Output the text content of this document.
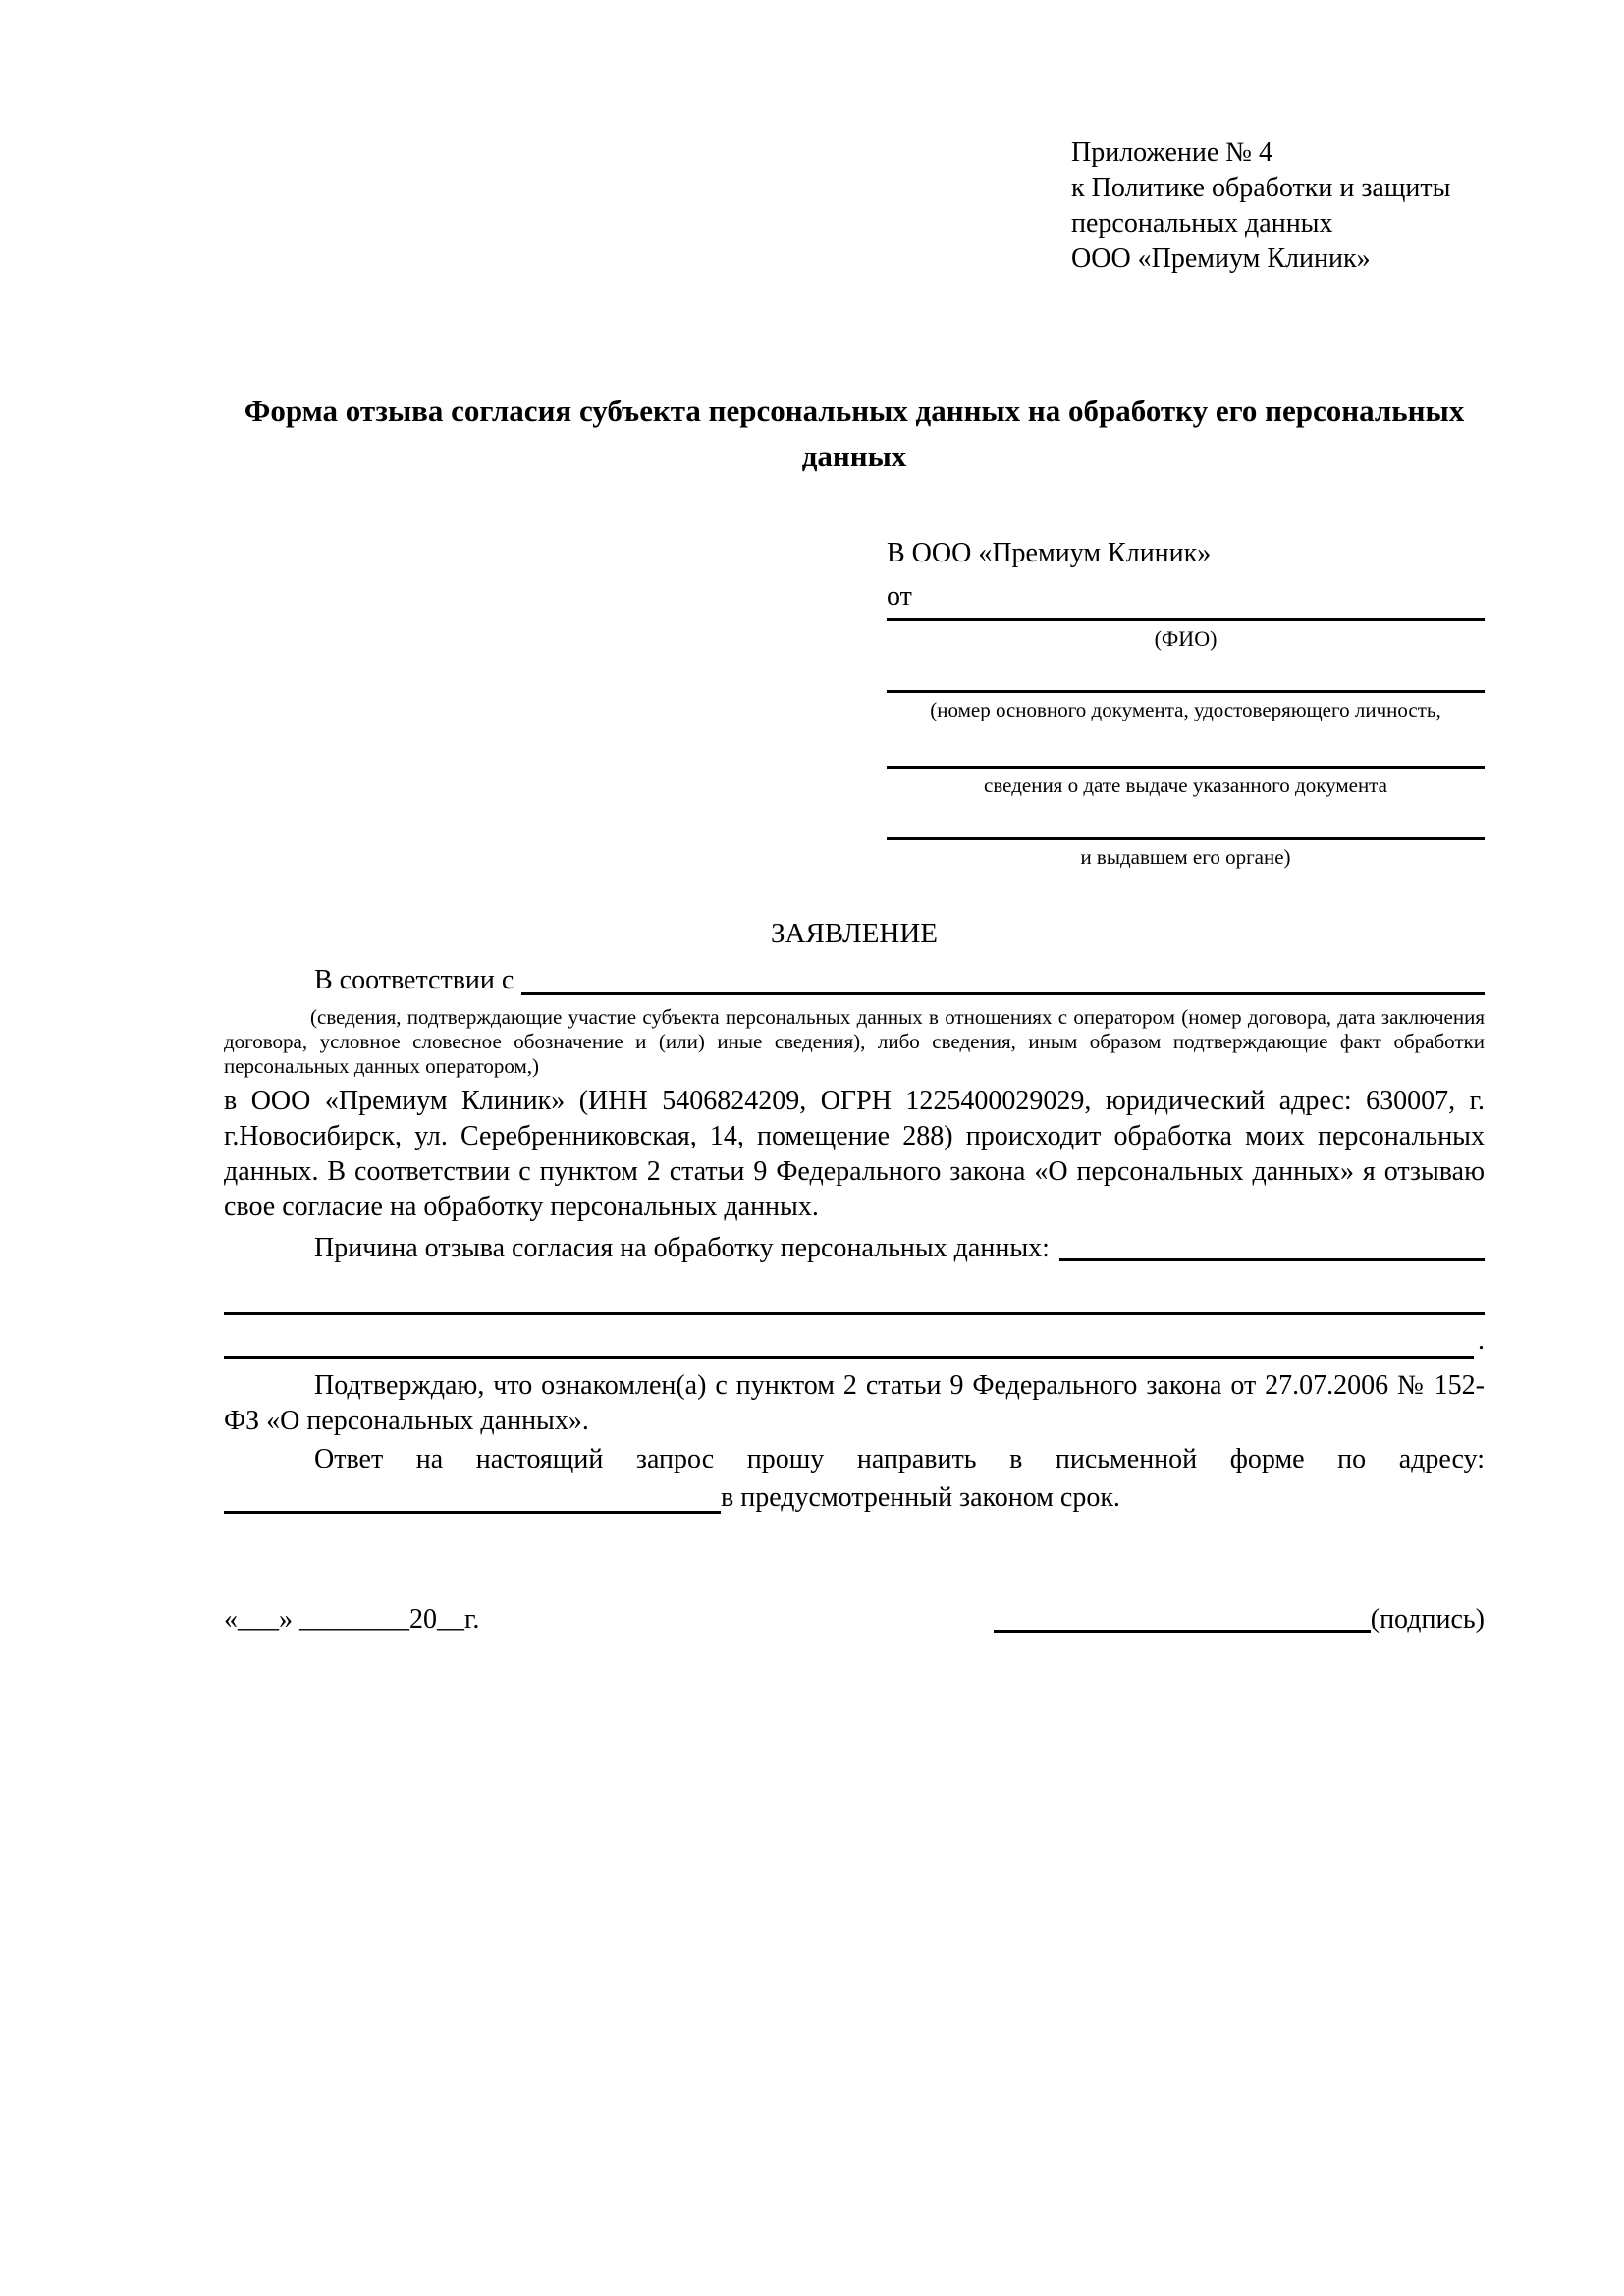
Приложение № 4
к Политике обработки и защиты
персональных данных
ООО «Премиум Клиник»
Форма отзыва согласия субъекта персональных данных на обработку его персональных данных
В ООО «Премиум Клиник»
от
(ФИО)
(номер основного документа, удостоверяющего личность,
сведения о дате выдаче указанного документа
и выдавшем его органе)
ЗАЯВЛЕНИЕ
В соответствии с
(сведения, подтверждающие участие субъекта персональных данных в отношениях с оператором (номер договора, дата заключения договора, условное словесное обозначение и (или) иные сведения), либо сведения, иным образом подтверждающие факт обработки персональных данных оператором,)
в ООО «Премиум Клиник» (ИНН 5406824209, ОГРН 1225400029029, юридический адрес: 630007, г. г.Новосибирск, ул. Серебренниковская, 14, помещение 288) происходит обработка моих персональных данных. В соответствии с пунктом 2 статьи 9 Федерального закона «О персональных данных» я отзываю свое согласие на обработку персональных данных.
Причина отзыва согласия на обработку персональных данных:
.
Подтверждаю, что ознакомлен(а) с пунктом 2 статьи 9 Федерального закона от 27.07.2006 № 152-ФЗ «О персональных данных».
Ответ на настоящий запрос прошу направить в письменной форме по адресу:
в предусмотренный законом срок.
«___» ________20__г.	(подпись)
